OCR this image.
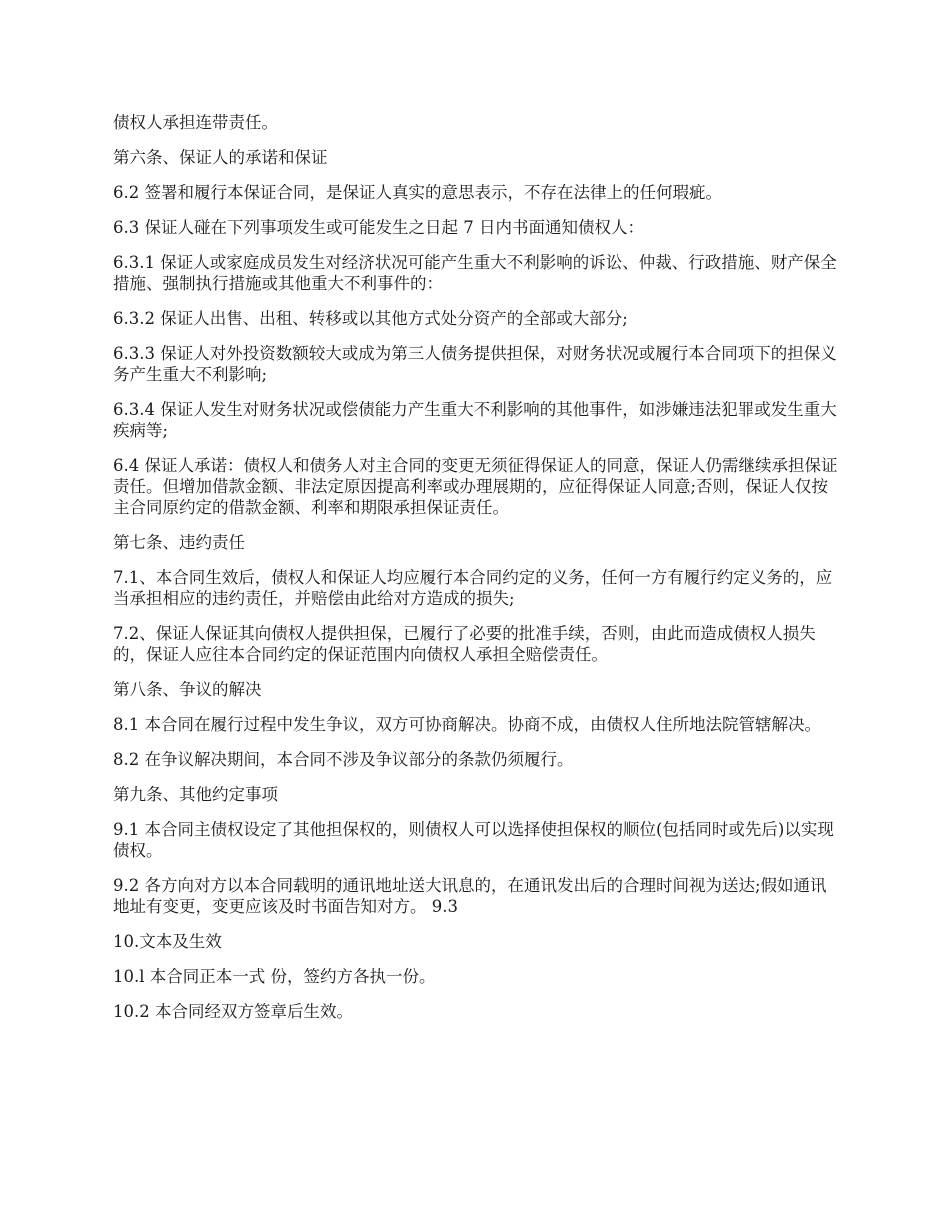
债权人承担连带责任。

第六条、保证人的承诺和保证

6.2 签署和履行本保证合同，是保证人真实的意思表示，不存在法律上的任何瑕疵。

6.3 保证人碰在下列事项发生或可能发生之日起 7 日内书面通知债权人：

6.3.1 保证人或家庭成员发生对经济状况可能产生重大不利影响的诉讼、仲裁、行政措施、财产保全措施、强制执行措施或其他重大不利事件的：

6.3.2 保证人出售、出租、转移或以其他方式处分资产的全部或大部分;

6.3.3 保证人对外投资数额较大或成为第三人债务提供担保，对财务状况或履行本合同项下的担保义务产生重大不利影响;

6.3.4 保证人发生对财务状况或偿债能力产生重大不利影响的其他事件，如涉嫌违法犯罪或发生重大疾病等;

6.4 保证人承诺：债权人和债务人对主合同的变更无须征得保证人的同意，保证人仍需继续承担保证责任。但增加借款金额、非法定原因提高利率或办理展期的，应征得保证人同意;否则，保证人仅按主合同原约定的借款金额、利率和期限承担保证责任。

第七条、违约责任

7.1、本合同生效后，债权人和保证人均应履行本合同约定的义务，任何一方有履行约定义务的，应当承担相应的违约责任，并赔偿由此给对方造成的损失;

7.2、保证人保证其向债权人提供担保，已履行了必要的批准手续，否则，由此而造成债权人损失的，保证人应往本合同约定的保证范围内向债权人承担全赔偿责任。

第八条、争议的解决

8.1 本合同在履行过程中发生争议，双方可协商解决。协商不成，由债权人住所地法院管辖解决。

8.2 在争议解决期间，本合同不涉及争议部分的条款仍须履行。

第九条、其他约定事项

9.1 本合同主债权设定了其他担保权的，则债权人可以选择使担保权的顺位(包括同时或先后)以实现债权。

9.2 各方向对方以本合同载明的通讯地址送大讯息的，在通讯发出后的合理时间视为送达;假如通讯地址有变更，变更应该及时书面告知对方。 9.3

10.文本及生效

10.l 本合同正本一式 份，签约方各执一份。

10.2 本合同经双方签章后生效。
